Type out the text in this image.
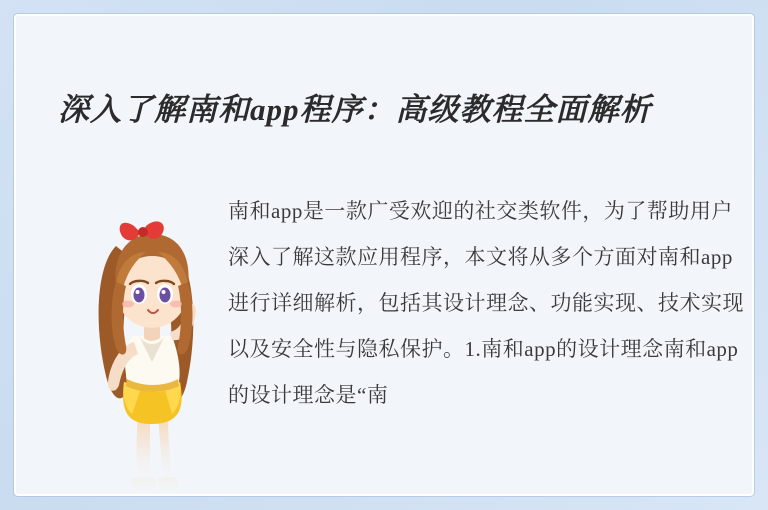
深入了解南和app程序：高级教程全面解析
南和app是一款广受欢迎的社交类软件，为了帮助用户深入了解这款应用程序，本文将从多个方面对南和app进行详细解析，包括其设计理念、功能实现、技术实现以及安全性与隐私保护。1.南和app的设计理念南和app的设计理念是“南
